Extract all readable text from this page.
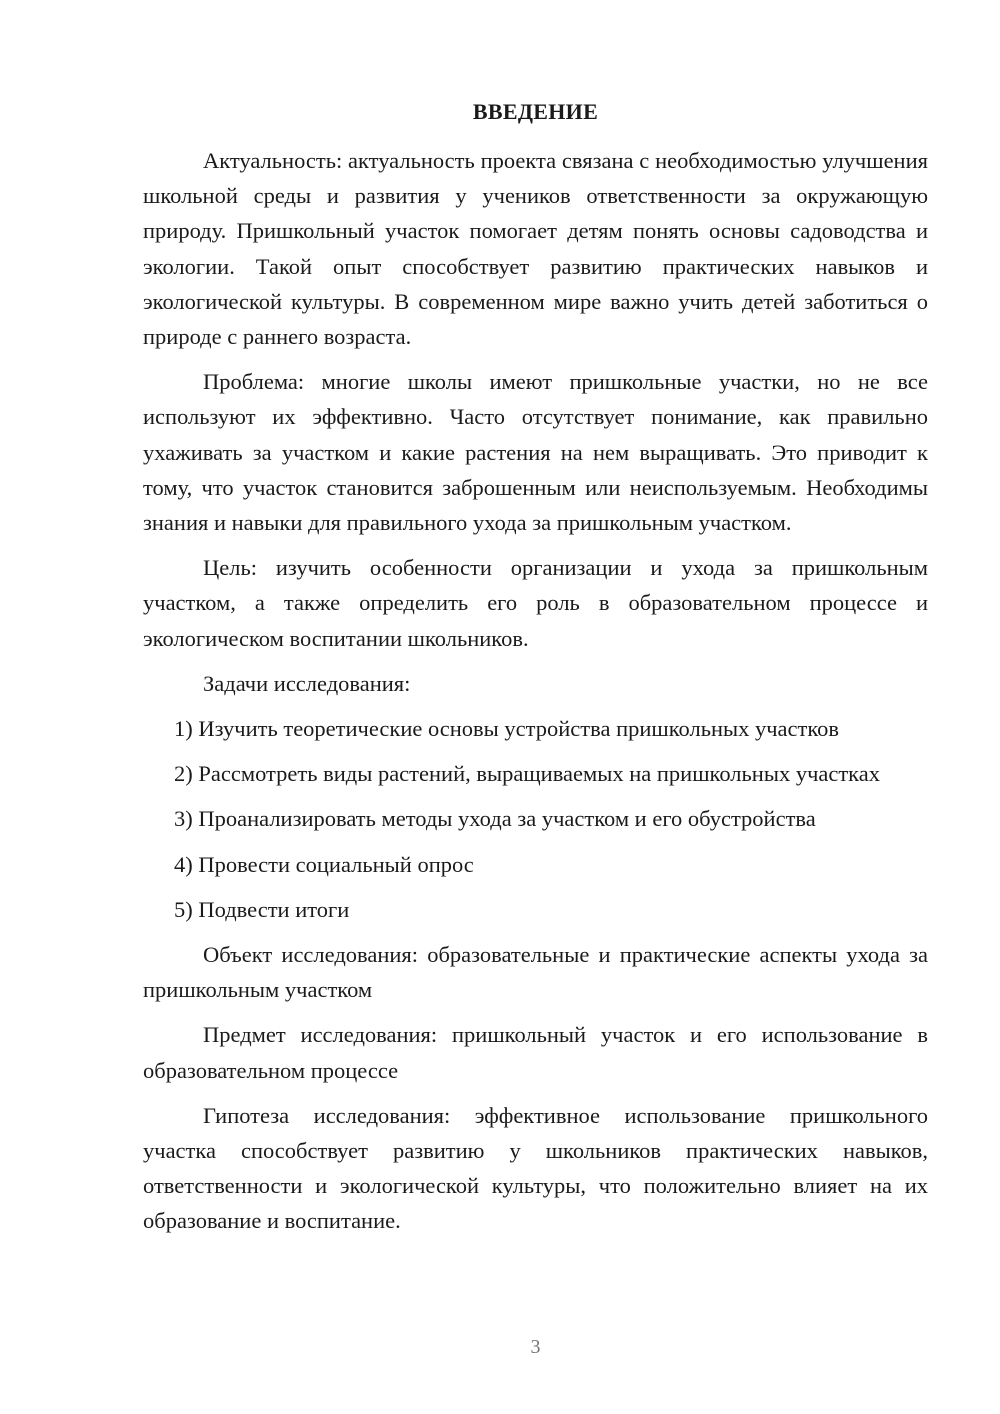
ВВЕДЕНИЕ

Актуальность: актуальность проекта связана с необходимостью улучшения школьной среды и развития у учеников ответственности за окружающую природу. Пришкольный участок помогает детям понять основы садоводства и экологии. Такой опыт способствует развитию практических навыков и экологической культуры. В современном мире важно учить детей заботиться о природе с раннего возраста.

Проблема: многие школы имеют пришкольные участки, но не все используют их эффективно. Часто отсутствует понимание, как правильно ухаживать за участком и какие растения на нем выращивать. Это приводит к тому, что участок становится заброшенным или неиспользуемым. Необходимы знания и навыки для правильного ухода за пришкольным участком.

Цель: изучить особенности организации и ухода за пришкольным участком, а также определить его роль в образовательном процессе и экологическом воспитании школьников.

Задачи исследования:

1) Изучить теоретические основы устройства пришкольных участков

2) Рассмотреть виды растений, выращиваемых на пришкольных участках

3) Проанализировать методы ухода за участком и его обустройства

4) Провести социальный опрос

5) Подвести итоги

Объект исследования: образовательные и практические аспекты ухода за пришкольным участком

Предмет исследования: пришкольный участок и его использование в образовательном процессе

Гипотеза исследования: эффективное использование пришкольного участка способствует развитию у школьников практических навыков, ответственности и экологической культуры, что положительно влияет на их образование и воспитание.

3
